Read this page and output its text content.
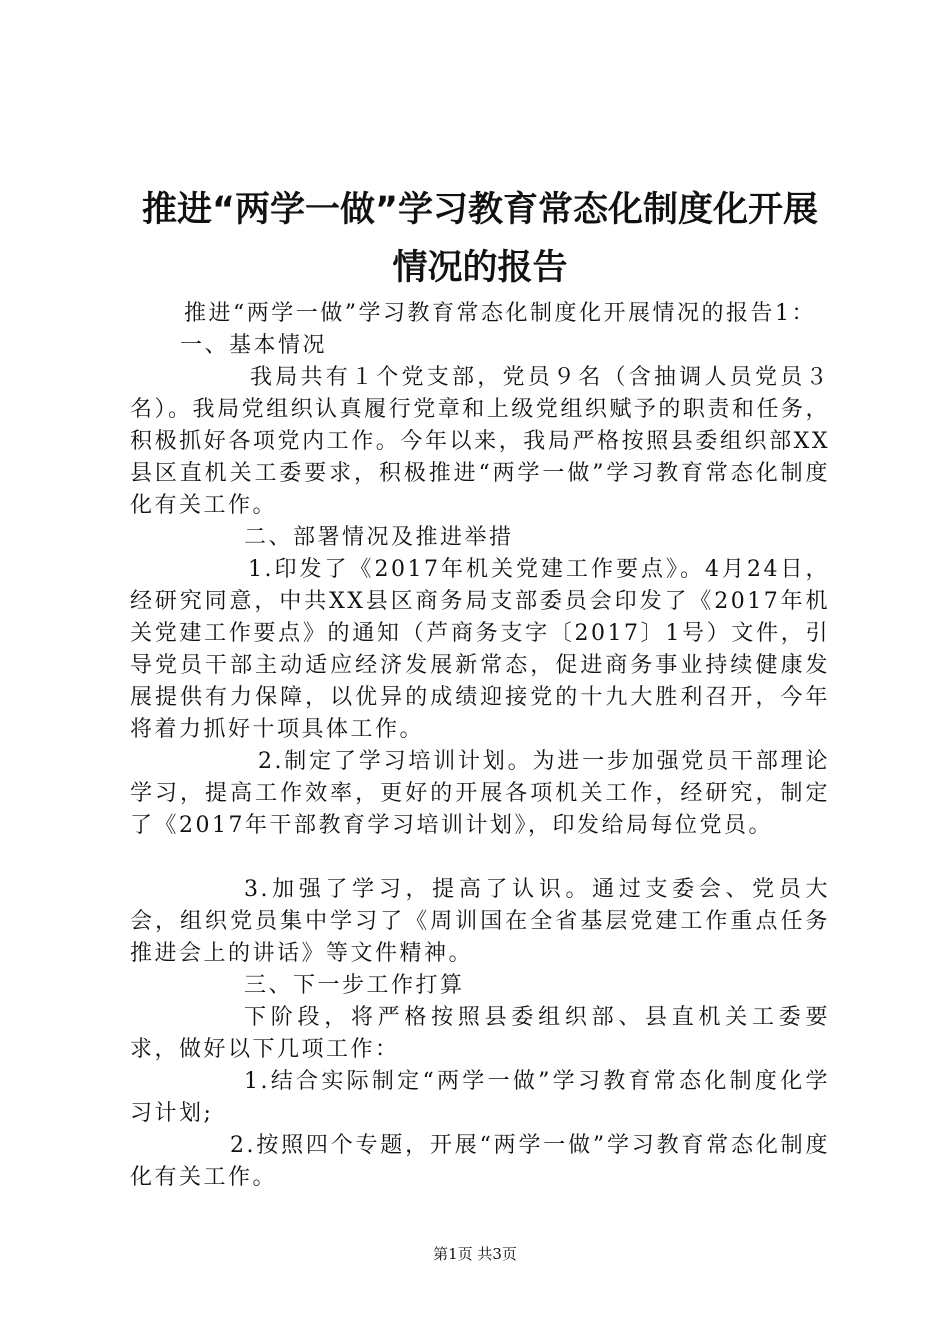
推进“两学一做”学习教育常态化制度化开展
情况的报告

推进“两学一做”学习教育常态化制度化开展情况的报告1：

一、基本情况

我局共有１个党支部，党员９名（含抽调人员党员３名）。我局党组织认真履行党章和上级党组织赋予的职责和任务，积极抓好各项党内工作。今年以来，我局严格按照县委组织部XX县区直机关工委要求，积极推进“两学一做”学习教育常态化制度化有关工作。

二、部署情况及推进举措

1.印发了《2017年机关党建工作要点》。4月24日，经研究同意，中共XX县区商务局支部委员会印发了《2017年机关党建工作要点》的通知（芦商务支字〔2017〕1号）文件，引导党员干部主动适应经济发展新常态，促进商务事业持续健康发展提供有力保障，以优异的成绩迎接党的十九大胜利召开，今年将着力抓好十项具体工作。

2.制定了学习培训计划。为进一步加强党员干部理论学习，提高工作效率，更好的开展各项机关工作，经研究，制定了《2017年干部教育学习培训计划》，印发给局每位党员。

3.加强了学习，提高了认识。通过支委会、党员大会，组织党员集中学习了《周训国在全省基层党建工作重点任务推进会上的讲话》等文件精神。

三、下一步工作打算

下阶段，将严格按照县委组织部、县直机关工委要求，做好以下几项工作：

1.结合实际制定“两学一做”学习教育常态化制度化学习计划;

2.按照四个专题，开展“两学一做”学习教育常态化制度化有关工作。

第1页 共3页
